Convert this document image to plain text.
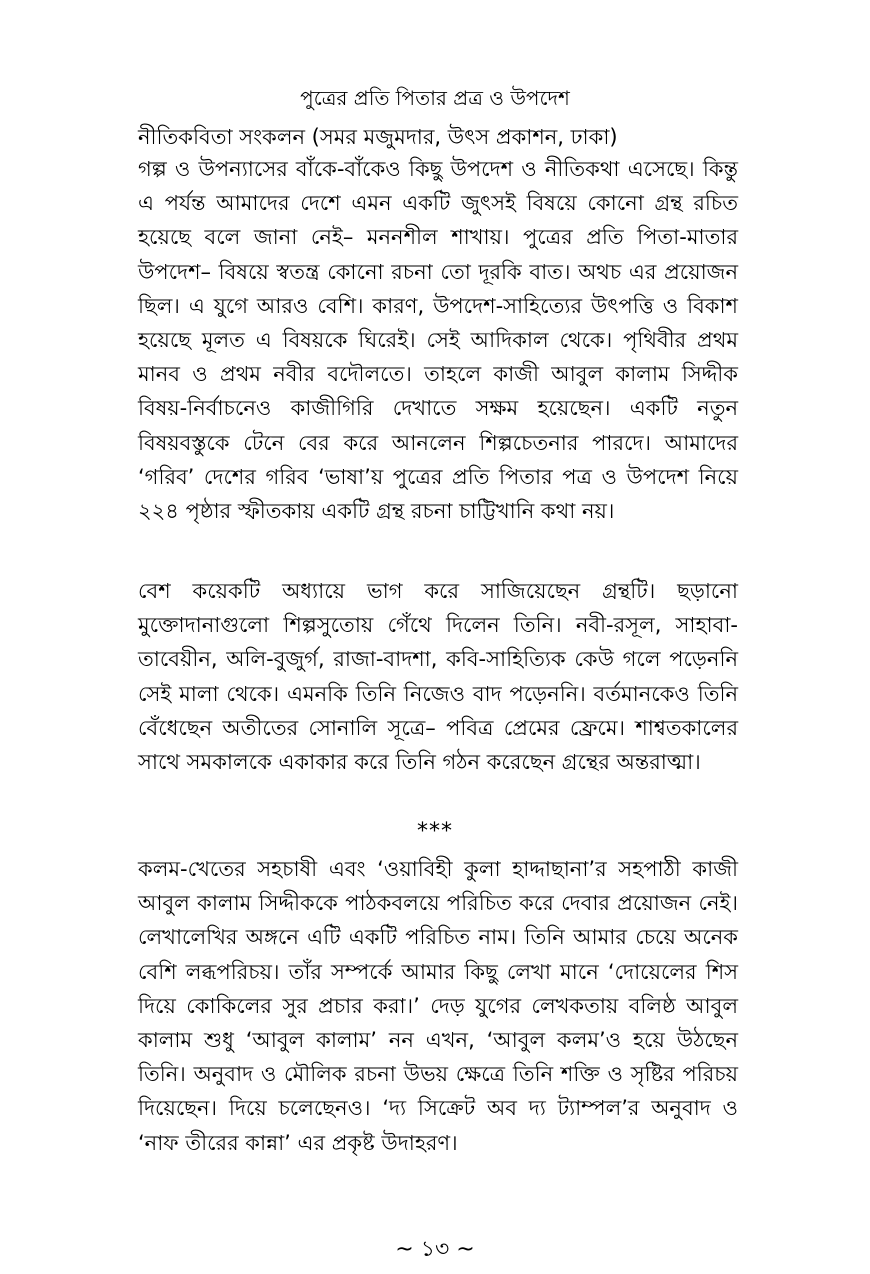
পুত্রের প্রতি পিতার প্রত্র ও উপদেশ
নীতিকবিতা সংকলন (সমর মজুমদার, উৎস প্রকাশন, ঢাকা)

গল্প ও উপন্যাসের বাঁকে-বাঁকেও কিছু উপদেশ ও নীতিকথা এসেছে। কিন্তু এ পর্যন্ত আমাদের দেশে এমন একটি জুৎসই বিষয়ে কোনো গ্রন্থ রচিত হয়েছে বলে জানা নেই– মননশীল শাখায়। পুত্রের প্রতি পিতা-মাতার উপদেশ– বিষয়ে স্বতন্ত্র কোনো রচনা তো দূরকি বাত। অথচ এর প্রয়োজন ছিল। এ যুগে আরও বেশি। কারণ, উপদেশ-সাহিত্যের উৎপত্তি ও বিকাশ হয়েছে মূলত এ বিষয়কে ঘিরেই। সেই আদিকাল থেকে। পৃথিবীর প্রথম মানব ও প্রথম নবীর বদৌলতে। তাহলে কাজী আবুল কালাম সিদ্দীক বিষয়-নির্বাচনেও কাজীগিরি দেখাতে সক্ষম হয়েছেন। একটি নতুন বিষয়বস্তুকে টেনে বের করে আনলেন শিল্পচেতনার পারদে। আমাদের ‘গরিব’ দেশের গরিব ‘ভাষা’য় পুত্রের প্রতি পিতার পত্র ও উপদেশ নিয়ে ২২৪ পৃষ্ঠার স্ফীতকায় একটি গ্রন্থ রচনা চাট্টিখানি কথা নয়।

বেশ কয়েকটি অধ্যায়ে ভাগ করে সাজিয়েছেন গ্রন্থটি। ছড়ানো মুক্তোদানাগুলো শিল্পসুতোয় গেঁথে দিলেন তিনি। নবী-রসূল, সাহাবা-তাবেয়ীন, অলি-বুজুর্গ, রাজা-বাদশা, কবি-সাহিত্যিক কেউ গলে পড়েননি সেই মালা থেকে। এমনকি তিনি নিজেও বাদ পড়েননি। বর্তমানকেও তিনি বেঁধেছেন অতীতের সোনালি সূত্রে– পবিত্র প্রেমের ফ্রেমে। শাশ্বতকালের সাথে সমকালকে একাকার করে তিনি গঠন করেছেন গ্রন্থের অন্তরাত্মা।

***

কলম-খেতের সহচাষী এবং ‘ওয়াবিহী কুলা হাদ্দাছানা’র সহপাঠী কাজী আবুল কালাম সিদ্দীককে পাঠকবলয়ে পরিচিত করে দেবার প্রয়োজন নেই। লেখালেখির অঙ্গনে এটি একটি পরিচিত নাম। তিনি আমার চেয়ে অনেক বেশি লব্ধপরিচয়। তাঁর সম্পর্কে আমার কিছু লেখা মানে ‘দোয়েলের শিস দিয়ে কোকিলের সুর প্রচার করা।’ দেড় যুগের লেখকতায় বলিষ্ঠ আবুল কালাম শুধু ‘আবুল কালাম’ নন এখন, ‘আবুল কলম’ও হয়ে উঠছেন তিনি। অনুবাদ ও মৌলিক রচনা উভয় ক্ষেত্রে তিনি শক্তি ও সৃষ্টির পরিচয় দিয়েছেন। দিয়ে চলেছেনও। ‘দ্য সিক্রেট অব দ্য ট্যাম্পল’র অনুবাদ ও ‘নাফ তীরের কান্না’ এর প্রকৃষ্ট উদাহরণ।

~ ১৩ ~
